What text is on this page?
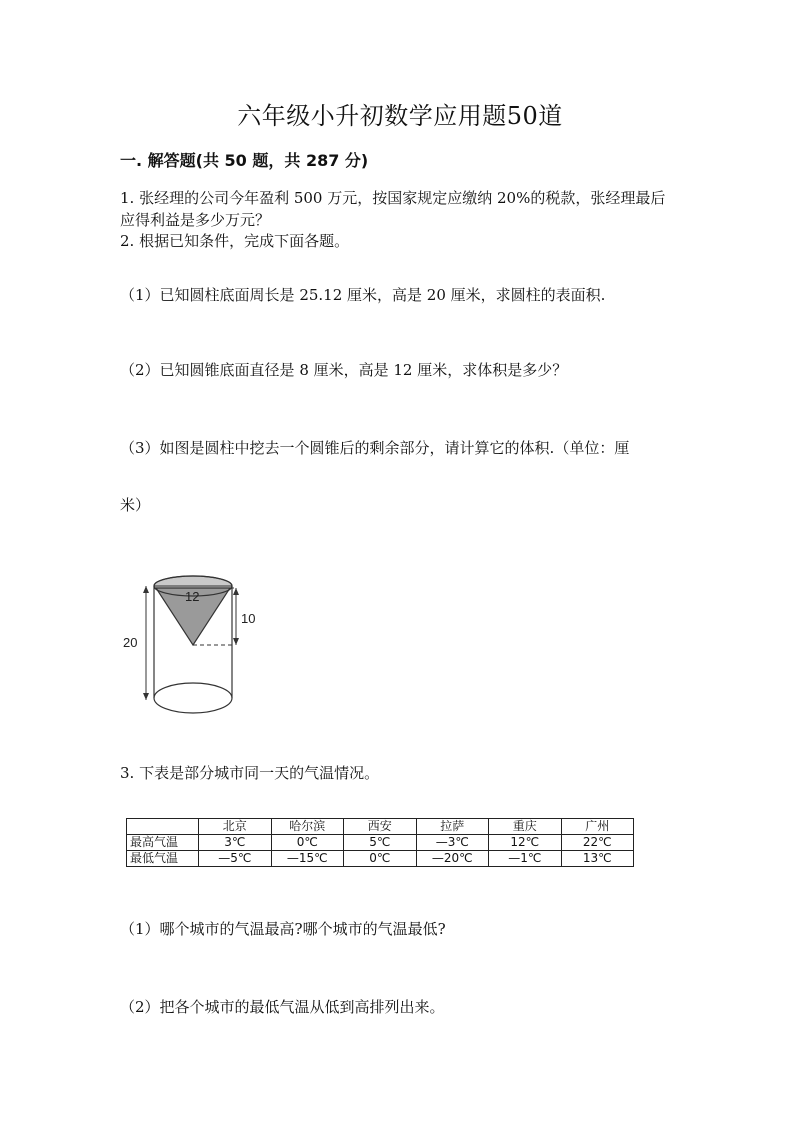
六年级小升初数学应用题50道
一. 解答题(共 50 题，共 287 分)
1. 张经理的公司今年盈利 500 万元，按国家规定应缴纳 20%的税款，张经理最后应得利益是多少万元？
2. 根据已知条件，完成下面各题。
（1）已知圆柱底面周长是 25.12 厘米，高是 20 厘米，求圆柱的表面积.
（2）已知圆锥底面直径是 8 厘米，高是 12 厘米，求体积是多少？
（3）如图是圆柱中挖去一个圆锥后的剩余部分，请计算它的体积.（单位：厘
米）
12
10
20
3. 下表是部分城市同一天的气温情况。
	北京	哈尔滨	西安	拉萨	重庆	广州
最高气温	3℃	0℃	5℃	—3℃	12℃	22℃
最低气温	—5℃	—15℃	0℃	—20℃	—1℃	13℃
（1）哪个城市的气温最高?哪个城市的气温最低?
（2）把各个城市的最低气温从低到高排列出来。
